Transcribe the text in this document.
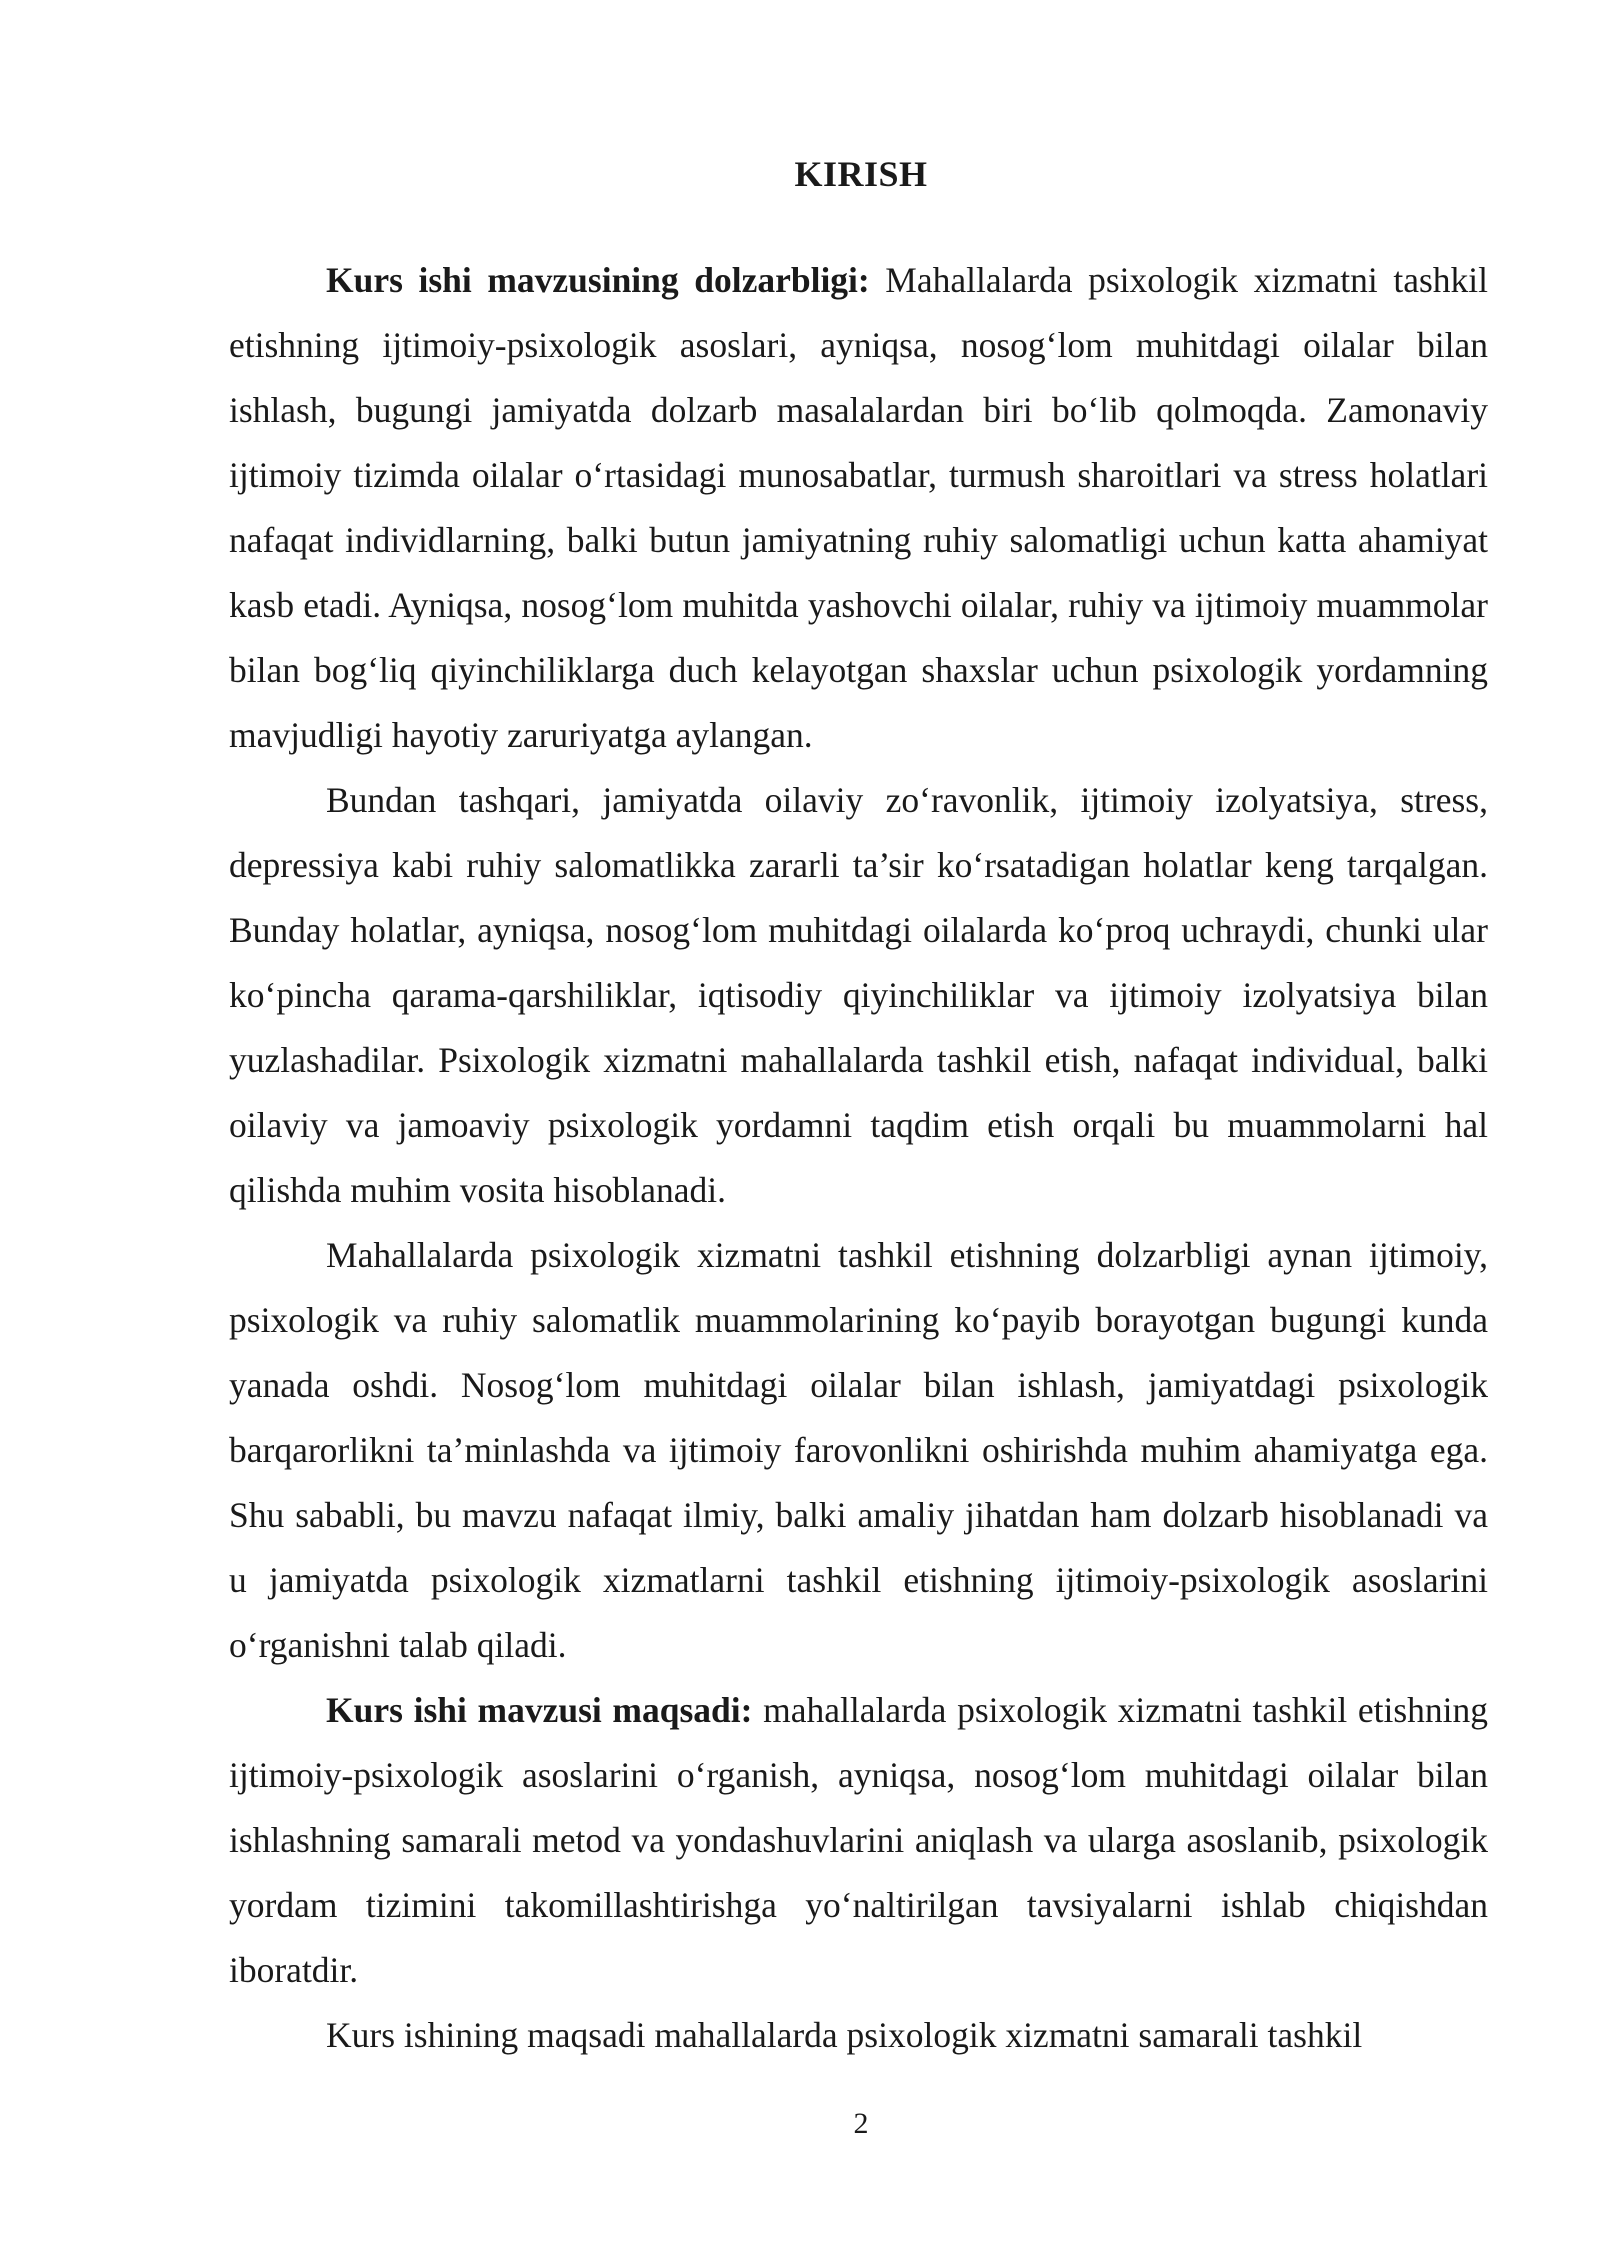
KIRISH

Kurs ishi mavzusining dolzarbligi: Mahallalarda psixologik xizmatni tashkil etishning ijtimoiy-psixologik asoslari, ayniqsa, nosog‘lom muhitdagi oilalar bilan ishlash, bugungi jamiyatda dolzarb masalalardan biri bo‘lib qolmoqda. Zamonaviy ijtimoiy tizimda oilalar o‘rtasidagi munosabatlar, turmush sharoitlari va stress holatlari nafaqat individlarning, balki butun jamiyatning ruhiy salomatligi uchun katta ahamiyat kasb etadi. Ayniqsa, nosog‘lom muhitda yashovchi oilalar, ruhiy va ijtimoiy muammolar bilan bog‘liq qiyinchiliklarga duch kelayotgan shaxslar uchun psixologik yordamning mavjudligi hayotiy zaruriyatga aylangan.

Bundan tashqari, jamiyatda oilaviy zo‘ravonlik, ijtimoiy izolyatsiya, stress, depressiya kabi ruhiy salomatlikka zararli ta’sir ko‘rsatadigan holatlar keng tarqalgan. Bunday holatlar, ayniqsa, nosog‘lom muhitdagi oilalarda ko‘proq uchraydi, chunki ular ko‘pincha qarama-qarshiliklar, iqtisodiy qiyinchiliklar va ijtimoiy izolyatsiya bilan yuzlashadilar. Psixologik xizmatni mahallalarda tashkil etish, nafaqat individual, balki oilaviy va jamoaviy psixologik yordamni taqdim etish orqali bu muammolarni hal qilishda muhim vosita hisoblanadi.

Mahallalarda psixologik xizmatni tashkil etishning dolzarbligi aynan ijtimoiy, psixologik va ruhiy salomatlik muammolarining ko‘payib borayotgan bugungi kunda yanada oshdi. Nosog‘lom muhitdagi oilalar bilan ishlash, jamiyatdagi psixologik barqarorlikni ta’minlashda va ijtimoiy farovonlikni oshirishda muhim ahamiyatga ega. Shu sababli, bu mavzu nafaqat ilmiy, balki amaliy jihatdan ham dolzarb hisoblanadi va u jamiyatda psixologik xizmatlarni tashkil etishning ijtimoiy-psixologik asoslarini o‘rganishni talab qiladi.

Kurs ishi mavzusi maqsadi: mahallalarda psixologik xizmatni tashkil etishning ijtimoiy-psixologik asoslarini o‘rganish, ayniqsa, nosog‘lom muhitdagi oilalar bilan ishlashning samarali metod va yondashuvlarini aniqlash va ularga asoslanib, psixologik yordam tizimini takomillashtirishga yo‘naltirilgan tavsiyalarni ishlab chiqishdan iboratdir.

Kurs ishining maqsadi mahallalarda psixologik xizmatni samarali tashkil

2
